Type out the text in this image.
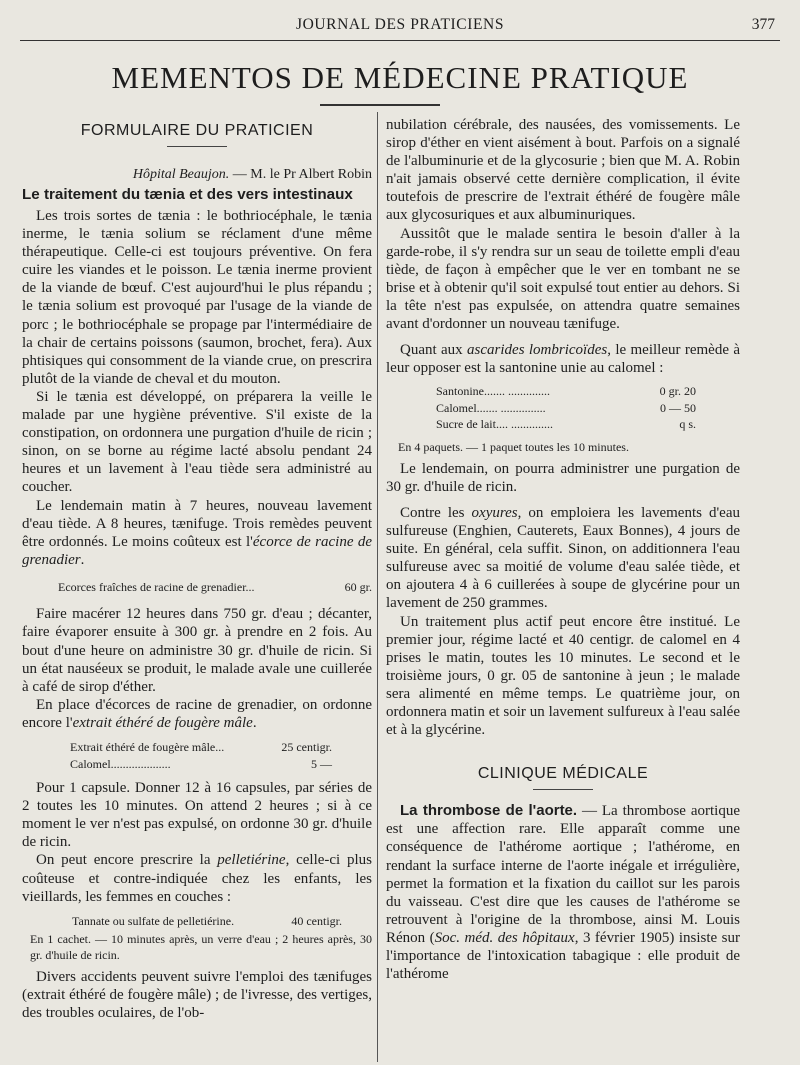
JOURNAL DES PRATICIENS	377
MEMENTOS DE MÉDECINE PRATIQUE
FORMULAIRE DU PRATICIEN
Hôpital Beaujon. — M. le Pr Albert Robin
Le traitement du tænia et des vers intestinaux

Les trois sortes de tænia : le bothriocéphale, le tænia inerme, le tænia solium se réclament d'une même thérapeutique. Celle-ci est toujours préventive. On fera cuire les viandes et le poisson. Le tænia inerme provient de la viande de bœuf. C'est aujourd'hui le plus répandu ; le tænia solium est provoqué par l'usage de la viande de porc ; le bothriocéphale se propage par l'intermédiaire de la chair de certains poissons (saumon, brochet, fera). Aux phtisiques qui consomment de la viande crue, on prescrira plutôt de la viande de cheval et du mouton.

Si le tænia est développé, on préparera la veille le malade par une hygiène préventive. S'il existe de la constipation, on ordonnera une purgation d'huile de ricin ; sinon, on se borne au régime lacté absolu pendant 24 heures et un lavement à l'eau tiède sera administré au coucher.

Le lendemain matin à 7 heures, nouveau lavement d'eau tiède. A 8 heures, tænifuge. Trois remèdes peuvent être ordonnés. Le moins coûteux est l'écorce de racine de grenadier.

Ecorces fraîches de racine de grenadier...	60 gr.

Faire macérer 12 heures dans 750 gr. d'eau ; décanter, faire évaporer ensuite à 300 gr. à prendre en 2 fois. Au bout d'une heure on administre 30 gr. d'huile de ricin. Si un état nauséeux se produit, le malade avale une cuillerée à café de sirop d'éther.

En place d'écorces de racine de grenadier, on ordonne encore l'extrait éthéré de fougère mâle.

Extrait éthéré de fougère mâle...	25 centigr.
Calomel....................	5 —

Pour 1 capsule. Donner 12 à 16 capsules, par séries de 2 toutes les 10 minutes. On attend 2 heures ; si à ce moment le ver n'est pas expulsé, on ordonne 30 gr. d'huile de ricin.

On peut encore prescrire la pelletiérine, celle-ci plus coûteuse et contre-indiquée chez les enfants, les vieillards, les femmes en couches :

Tannate ou sulfate de pelletiérine.	40 centigr.
En 1 cachet. — 10 minutes après, un verre d'eau ; 2 heures après, 30 gr. d'huile de ricin.

Divers accidents peuvent suivre l'emploi des tænifuges (extrait éthéré de fougère mâle) ; de l'ivresse, des vertiges, des troubles oculaires, de l'ob-

nubilation cérébrale, des nausées, des vomissements. Le sirop d'éther en vient aisément à bout. Parfois on a signalé de l'albuminurie et de la glycosurie ; bien que M. A. Robin n'ait jamais observé cette dernière complication, il évite toutefois de prescrire de l'extrait éthéré de fougère mâle aux glycosuriques et aux albuminuriques.

Aussitôt que le malade sentira le besoin d'aller à la garde-robe, il s'y rendra sur un seau de toilette empli d'eau tiède, de façon à empêcher que le ver en tombant ne se brise et à obtenir qu'il soit expulsé tout entier au dehors. Si la tête n'est pas expulsée, on attendra quatre semaines avant d'ordonner un nouveau tænifuge.

Quant aux ascarides lombricoïdes, le meilleur remède à leur opposer est la santonine unie au calomel :

Santonine....... ..............	0 gr. 20
Calomel....... ...............	0 — 50
Sucre de lait.... ..............	q s.
En 4 paquets. — 1 paquet toutes les 10 minutes.

Le lendemain, on pourra administrer une purgation de 30 gr. d'huile de ricin.

Contre les oxyures, on emploiera les lavements d'eau sulfureuse (Enghien, Cauterets, Eaux Bonnes), 4 jours de suite. En général, cela suffit. Sinon, on additionnera l'eau sulfureuse avec sa moitié de volume d'eau salée tiède, et on ajoutera 4 à 6 cuillerées à soupe de glycérine pour un lavement de 250 grammes.

Un traitement plus actif peut encore être institué. Le premier jour, régime lacté et 40 centigr. de calomel en 4 prises le matin, toutes les 10 minutes. Le second et le troisième jours, 0 gr. 05 de santonine à jeun ; le malade sera alimenté en même temps. Le quatrième jour, on ordonnera matin et soir un lavement sulfureux à l'eau salée et à la glycérine.

CLINIQUE MÉDICALE

La thrombose de l'aorte. — La thrombose aortique est une affection rare. Elle apparaît comme une conséquence de l'athérome aortique ; l'athérome, en rendant la surface interne de l'aorte inégale et irrégulière, permet la formation et la fixation du caillot sur les parois du vaisseau. C'est dire que les causes de l'athérome se retrouvent à l'origine de la thrombose, ainsi M. Louis Rénon (Soc. méd. des hôpitaux, 3 février 1905) insiste sur l'importance de l'intoxication tabagique : elle produit de l'athérome
